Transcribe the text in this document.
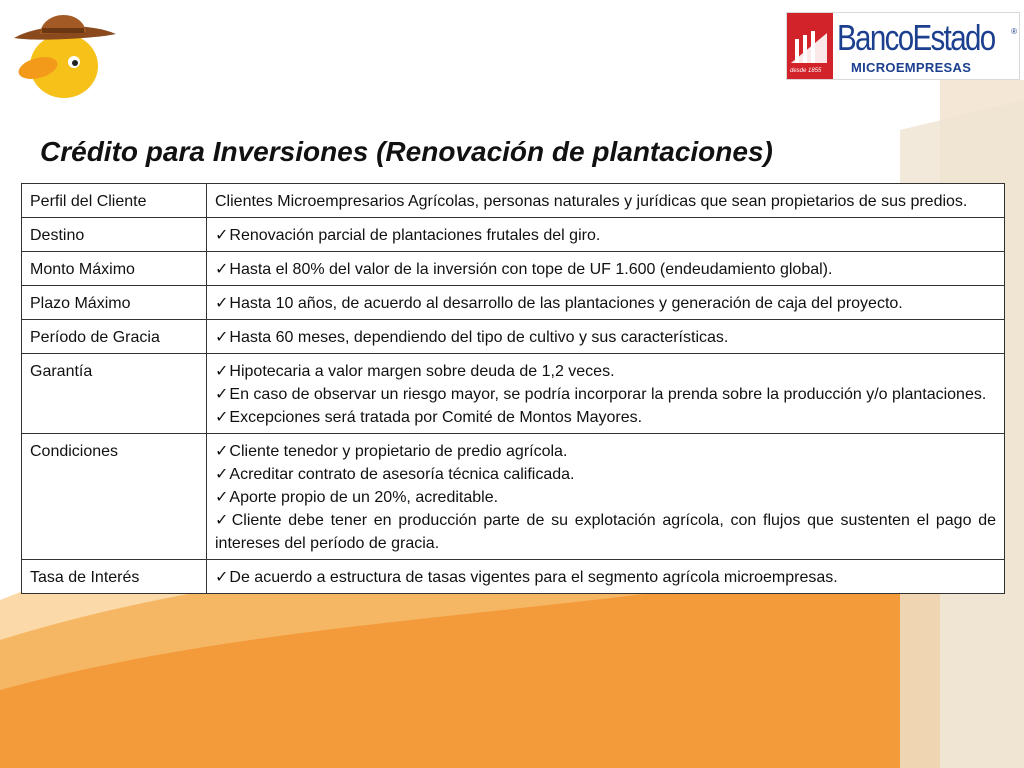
desde 1855
BancoEstado ®
MICROEMPRESAS
Crédito para Inversiones (Renovación de plantaciones)
Perfil del Cliente	Clientes Microempresarios Agrícolas, personas naturales y jurídicas que sean propietarios de sus predios.

Destino	✓Renovación parcial de plantaciones frutales del giro.

Monto Máximo	✓Hasta el 80% del valor de la inversión con tope de UF 1.600 (endeudamiento global).

Plazo Máximo	✓Hasta 10 años, de acuerdo al desarrollo de las plantaciones y generación de caja del proyecto.

Período de Gracia	✓Hasta 60 meses, dependiendo del tipo de cultivo y sus características.

Garantía	✓Hipotecaria a valor margen sobre deuda de 1,2 veces.
✓En caso de observar un riesgo mayor, se podría incorporar la prenda sobre la producción y/o plantaciones.
✓Excepciones será tratada por Comité de Montos Mayores.

Condiciones	✓Cliente tenedor y propietario de predio agrícola.
✓Acreditar contrato de asesoría técnica calificada.
✓Aporte propio de un 20%, acreditable.
✓Cliente debe tener en producción parte de su explotación agrícola, con flujos que sustenten el pago de intereses del período de gracia.

Tasa de Interés	✓De acuerdo a estructura de tasas vigentes para el segmento agrícola microempresas.
